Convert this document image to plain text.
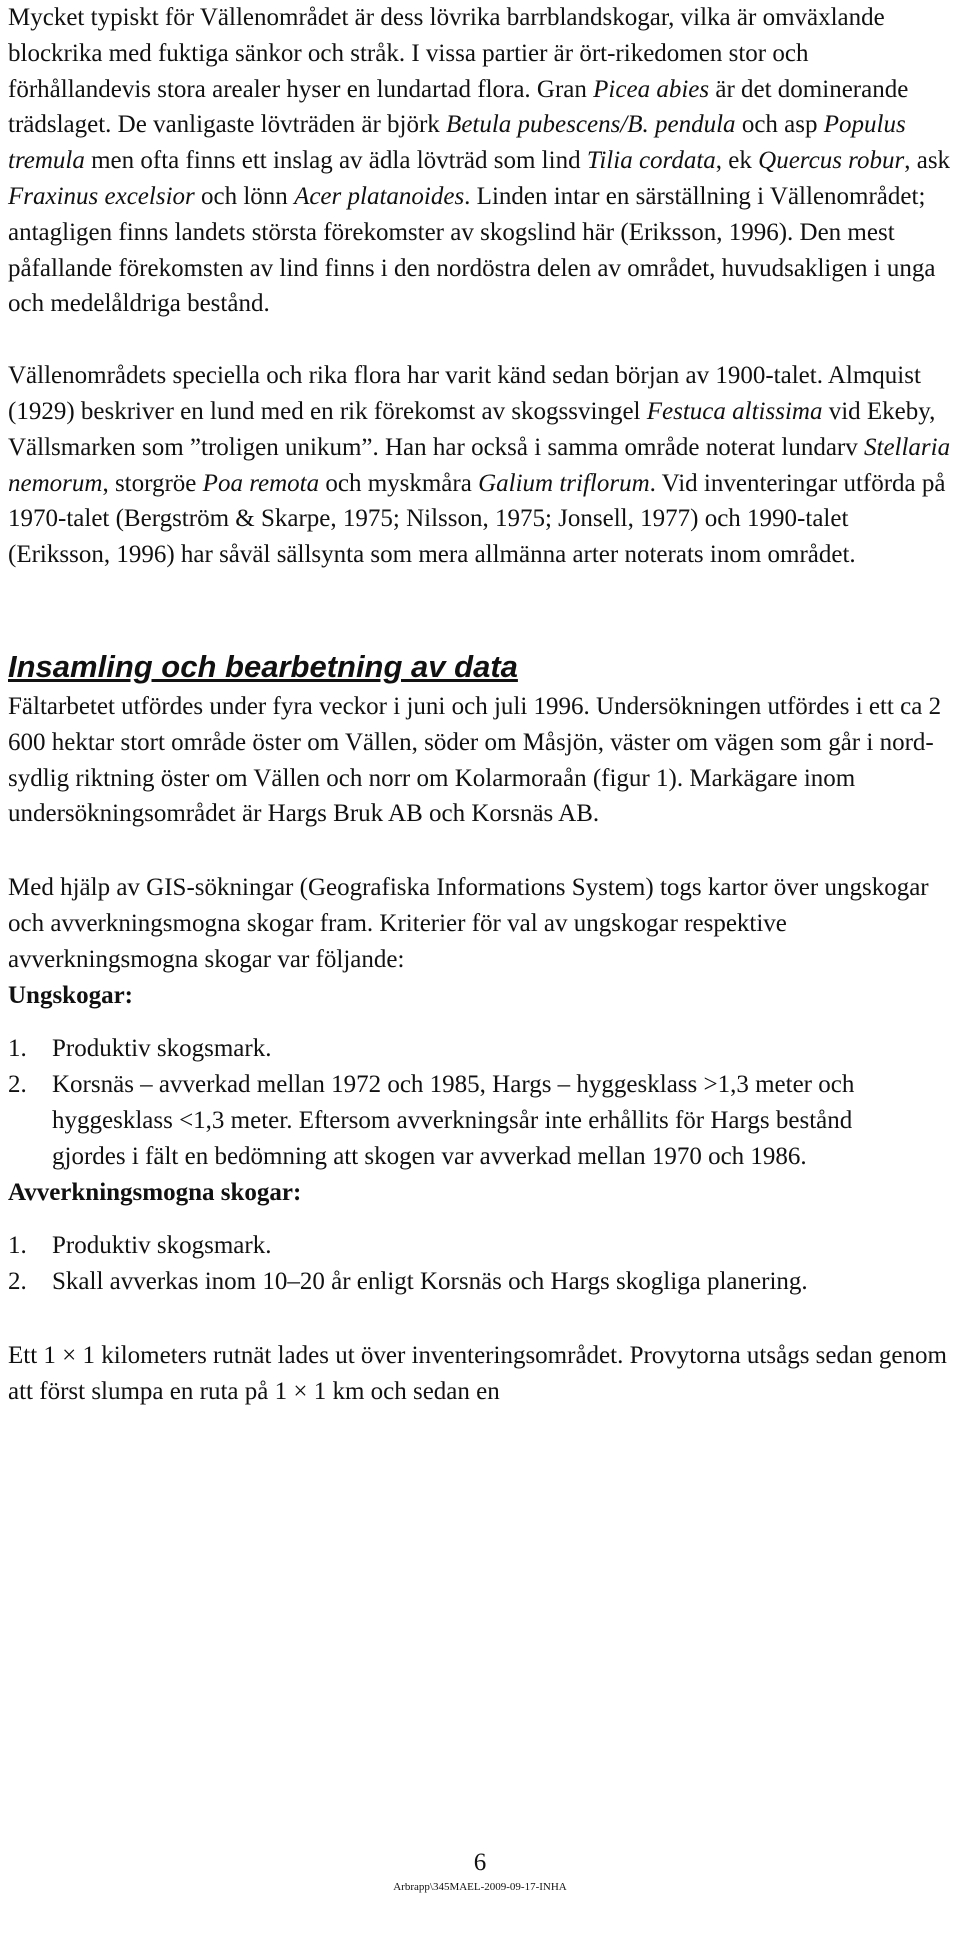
Mycket typiskt för Vällenområdet är dess lövrika barrblandskogar, vilka är omväxlande blockrika med fuktiga sänkor och stråk. I vissa partier är ört-rikedomen stor och förhållandevis stora arealer hyser en lundartad flora. Gran Picea abies är det dominerande trädslaget. De vanligaste lövträden är björk Betula pubescens/B. pendula och asp Populus tremula men ofta finns ett inslag av ädla lövträd som lind Tilia cordata, ek Quercus robur, ask Fraxinus excelsior och lönn Acer platanoides. Linden intar en särställning i Vällenområdet; antagligen finns landets största förekomster av skogslind här (Eriksson, 1996). Den mest påfallande förekomsten av lind finns i den nordöstra delen av området, huvudsakligen i unga och medelåldriga bestånd.

Vällenområdets speciella och rika flora har varit känd sedan början av 1900-talet. Almquist (1929) beskriver en lund med en rik förekomst av skogssvingel Festuca altissima vid Ekeby, Vällsmarken som ”troligen unikum”. Han har också i samma område noterat lundarv Stellaria nemorum, storgröe Poa remota och myskmåra Galium triflorum. Vid inventeringar utförda på 1970-talet (Bergström & Skarpe, 1975; Nilsson, 1975; Jonsell, 1977) och 1990-talet (Eriksson, 1996) har såväl sällsynta som mera allmänna arter noterats inom området.

Insamling och bearbetning av data

Fältarbetet utfördes under fyra veckor i juni och juli 1996. Undersökningen utfördes i ett ca 2 600 hektar stort område öster om Vällen, söder om Måsjön, väster om vägen som går i nord-sydlig riktning öster om Vällen och norr om Kolarmoraån (figur 1). Markägare inom undersökningsområdet är Hargs Bruk AB och Korsnäs AB.

Med hjälp av GIS-sökningar (Geografiska Informations System) togs kartor över ungskogar och avverkningsmogna skogar fram. Kriterier för val av ungskogar respektive avverkningsmogna skogar var följande:

Ungskogar:

1.	Produktiv skogsmark.
2.	Korsnäs – avverkad mellan 1972 och 1985, Hargs – hyggesklass >1,3 meter och hyggesklass <1,3 meter. Eftersom avverkningsår inte erhållits för Hargs bestånd gjordes i fält en bedömning att skogen var avverkad mellan 1970 och 1986.

Avverkningsmogna skogar:

1.	Produktiv skogsmark.
2.	Skall avverkas inom 10–20 år enligt Korsnäs och Hargs skogliga planering.

Ett 1 × 1 kilometers rutnät lades ut över inventeringsområdet. Provytorna utsågs sedan genom att först slumpa en ruta på 1 × 1 km och sedan en

6
Arbrapp\345MAEL-2009-09-17-INHA
